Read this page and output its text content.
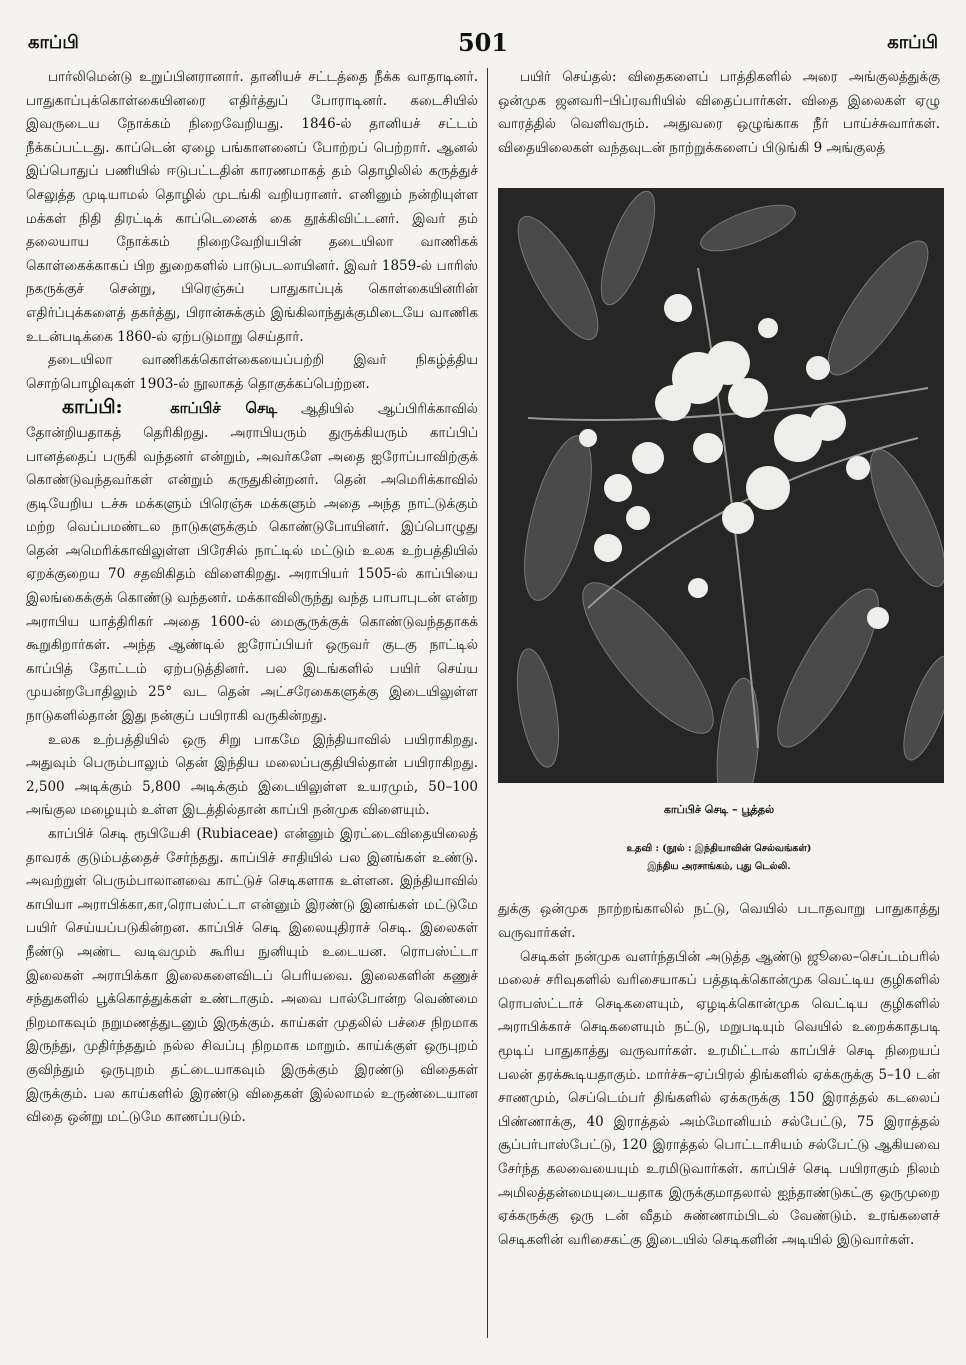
காப்பி	501	காப்பி

பார்லிமென்டு உறுப்பினரானார். தானியச் சட்டத்தை நீக்க வாதாடினர். பாதுகாப்புக்கொள்கையினரை எதிர்த்துப் போராடினர். கடைசியில் இவருடைய நோக்கம் நிறைவேறியது. 1846-ல் தானியச் சட்டம் நீக்கப்பட்டது. காப்டென் ஏழை பங்காளனைப் போற்றப் பெற்றார். ஆனல் இப்பொதுப் பணியில் ஈடுபட்டதின் காரணமாகத் தம் தொழிலில் கருத்துச் செலுத்த முடியாமல் தொழில் முடங்கி வறியரானர். எனினும் நன்றியுள்ள மக்கள் நிதி திரட்டிக் காப்டெனைக் கை தூக்கிவிட்டனர். இவர் தம் தலையாய நோக்கம் நிறைவேறியபின் தடையிலா வாணிகக் கொள்கைக்காகப் பிற துறைகளில் பாடுபடலாயினர். இவர் 1859-ல் பாரிஸ் நகருக்குச் சென்று, பிரெஞ்சுப் பாதுகாப்புக் கொள்கையினரின் எதிர்ப்புக்களைத் தகர்த்து, பிரான்சுக்கும் இங்கிலாந்துக்குமிடையே வாணிக உடன்படிக்கை 1860-ல் ஏற்படுமாறு செய்தார்.

தடையிலா வாணிகக்கொள்கையைப்பற்றி இவர் நிகழ்த்திய சொற்பொழிவுகள் 1903-ல் நூலாகத் தொகுக்கப்பெற்றன.

காப்பி:	காப்பிச் செடி ஆதியில் ஆப்பிரிக்காவில் தோன்றியதாகத் தெரிகிறது. அராபியரும் துருக்கியரும் காப்பிப் பானத்தைப் பருகி வந்தனர் என்றும், அவர்களே அதை ஐரோப்பாவிற்குக் கொண்டுவந்தவர்கள் என்றும் கருதுகின்றனர். தென் அமெரிக்காவில் குடியேறிய டச்சு மக்களும் பிரெஞ்சு மக்களும் அதை அந்த நாட்டுக்கும் மற்ற வெப்பமண்டல நாடுகளுக்கும் கொண்டுபோயினர். இப்பொழுது தென் அமெரிக்காவிலுள்ள பிரேசில் நாட்டில் மட்டும் உலக உற்பத்தியில் ஏறக்குறைய 70 சதவிகிதம் விளைகிறது. அராபியர் 1505-ல் காப்பியை இலங்கைக்குக் கொண்டு வந்தனர். மக்காவிலிருந்து வந்த பாபாபுடன் என்ற அராபிய யாத்திரிகர் அதை 1600-ல் மைசூருக்குக் கொண்டுவந்ததாகக் கூறுகிறார்கள். அந்த ஆண்டில் ஐரோப்பியர் ஒருவர் குடகு நாட்டில் காப்பித் தோட்டம் ஏற்படுத்தினர். பல இடங்களில் பயிர் செய்ய முயன்றபோதிலும் 25° வட தென் அட்சரேகைகளுக்கு இடையிலுள்ள நாடுகளில்தான் இது நன்குப் பயிராகி வருகின்றது.

உலக உற்பத்தியில் ஒரு சிறு பாகமே இந்தியாவில் பயிராகிறது. அதுவும் பெரும்பாலும் தென் இந்திய மலைப்பகுதியில்தான் பயிராகிறது. 2,500 அடிக்கும் 5,800 அடிக்கும் இடையிலுள்ள உயரமும், 50–100 அங்குல மழையும் உள்ள இடத்தில்தான் காப்பி நன்முக விளையும்.

காப்பிச் செடி ரூபியேசி (Rubiaceae) என்னும் இரட்டைவிதையிலைத் தாவரக் குடும்பத்தைச் சேர்ந்தது. காப்பிச் சாதியில் பல இனங்கள் உண்டு. அவற்றுள் பெரும்பாலானவை காட்டுச் செடிகளாக உள்ளன. இந்தியாவில் காபியா அராபிக்கா,கா,ரொபஸ்ட்டா என்னும் இரண்டு இனங்கள் மட்டுமே பயிர் செய்யப்படுகின்றன. காப்பிச் செடி இலையுதிராச் செடி. இலைகள் நீண்டு அண்ட வடிவமும் கூரிய நுனியும் உடையன. ரொபஸ்ட்டா இலைகள் அராபிக்கா இலைகளைவிடப் பெரியவை. இலைகளின் கணுச் சந்துகளில் பூக்கொத்துக்கள் உண்டாகும். அவை பால்போன்ற வெண்மை நிறமாகவும் நறுமணத்துடனும் இருக்கும். காய்கள் முதலில் பச்சை நிறமாக இருந்து, முதிர்ந்ததும் நல்ல சிவப்பு நிறமாக மாறும். காய்க்குள் ஒருபுறம் குவிந்தும் ஒருபுறம் தட்டையாகவும் இருக்கும் இரண்டு விதைகள் இருக்கும். பல காய்களில் இரண்டு விதைகள் இல்லாமல் உருண்டையான விதை ஒன்று மட்டுமே காணப்படும்.

பயிர் செய்தல்: விதைகளைப் பாத்திகளில் அரை அங்குலத்துக்கு ஒன்முக ஜனவரி–பிப்ரவரியில் விதைப்பார்கள். விதை இலைகள் ஏழு வாரத்தில் வெளிவரும். அதுவரை ஒழுங்காக நீர் பாய்ச்சுவார்கள். விதையிலைகள் வந்தவுடன் நாற்றுக்களைப் பிடுங்கி 9 அங்குலத்

காப்பிச் செடி – பூத்தல்
உதவி : (நூல் : இந்தியாவின் செல்வங்கள்)
இந்திய அரசாங்கம், புது டெல்லி.

துக்கு ஒன்முக நாற்றங்காலில் நட்டு, வெயில் படாதவாறு பாதுகாத்து வருவார்கள்.

செடிகள் நன்முக வளர்ந்தபின் அடுத்த ஆண்டு ஜூலை–செப்டம்பரில் மலைச் சரிவுகளில் வரிசையாகப் பத்தடிக்கொன்முக வெட்டிய குழிகளில் ரொபஸ்ட்டாச் செடிகளையும், ஏழடிக்கொன்முக வெட்டிய குழிகளில் அராபிக்காச் செடிகளையும் நட்டு, மறுபடியும் வெயில் உறைக்காதபடி மூடிப் பாதுகாத்து வருவார்கள். உரமிட்டால் காப்பிச் செடி நிறையப் பலன் தரக்கூடியதாகும். மார்ச்சு–ஏப்பிரல் திங்களில் ஏக்கருக்கு 5–10 டன் சாணமும், செப்டெம்பர் திங்களில் ஏக்கருக்கு 150 இராத்தல் கடலைப் பிண்ணாக்கு, 40 இராத்தல் அம்மோனியம் சல்பேட்டு, 75 இராத்தல் சூப்பர்பாஸ்பேட்டு, 120 இராத்தல் பொட்டாசியம் சல்பேட்டு ஆகியவை சேர்ந்த கலவையையும் உரமிடுவார்கள். காப்பிச் செடி பயிராகும் நிலம் அமிலத்தன்மையுடையதாக இருக்குமாதலால் ஐந்தாண்டுகட்கு ஒருமுறை ஏக்கருக்கு ஒரு டன் வீதம் சுண்ணாம்பிடல் வேண்டும். உரங்களைச் செடிகளின் வரிசைகட்கு இடையில் செடிகளின் அடியில் இடுவார்கள்.
